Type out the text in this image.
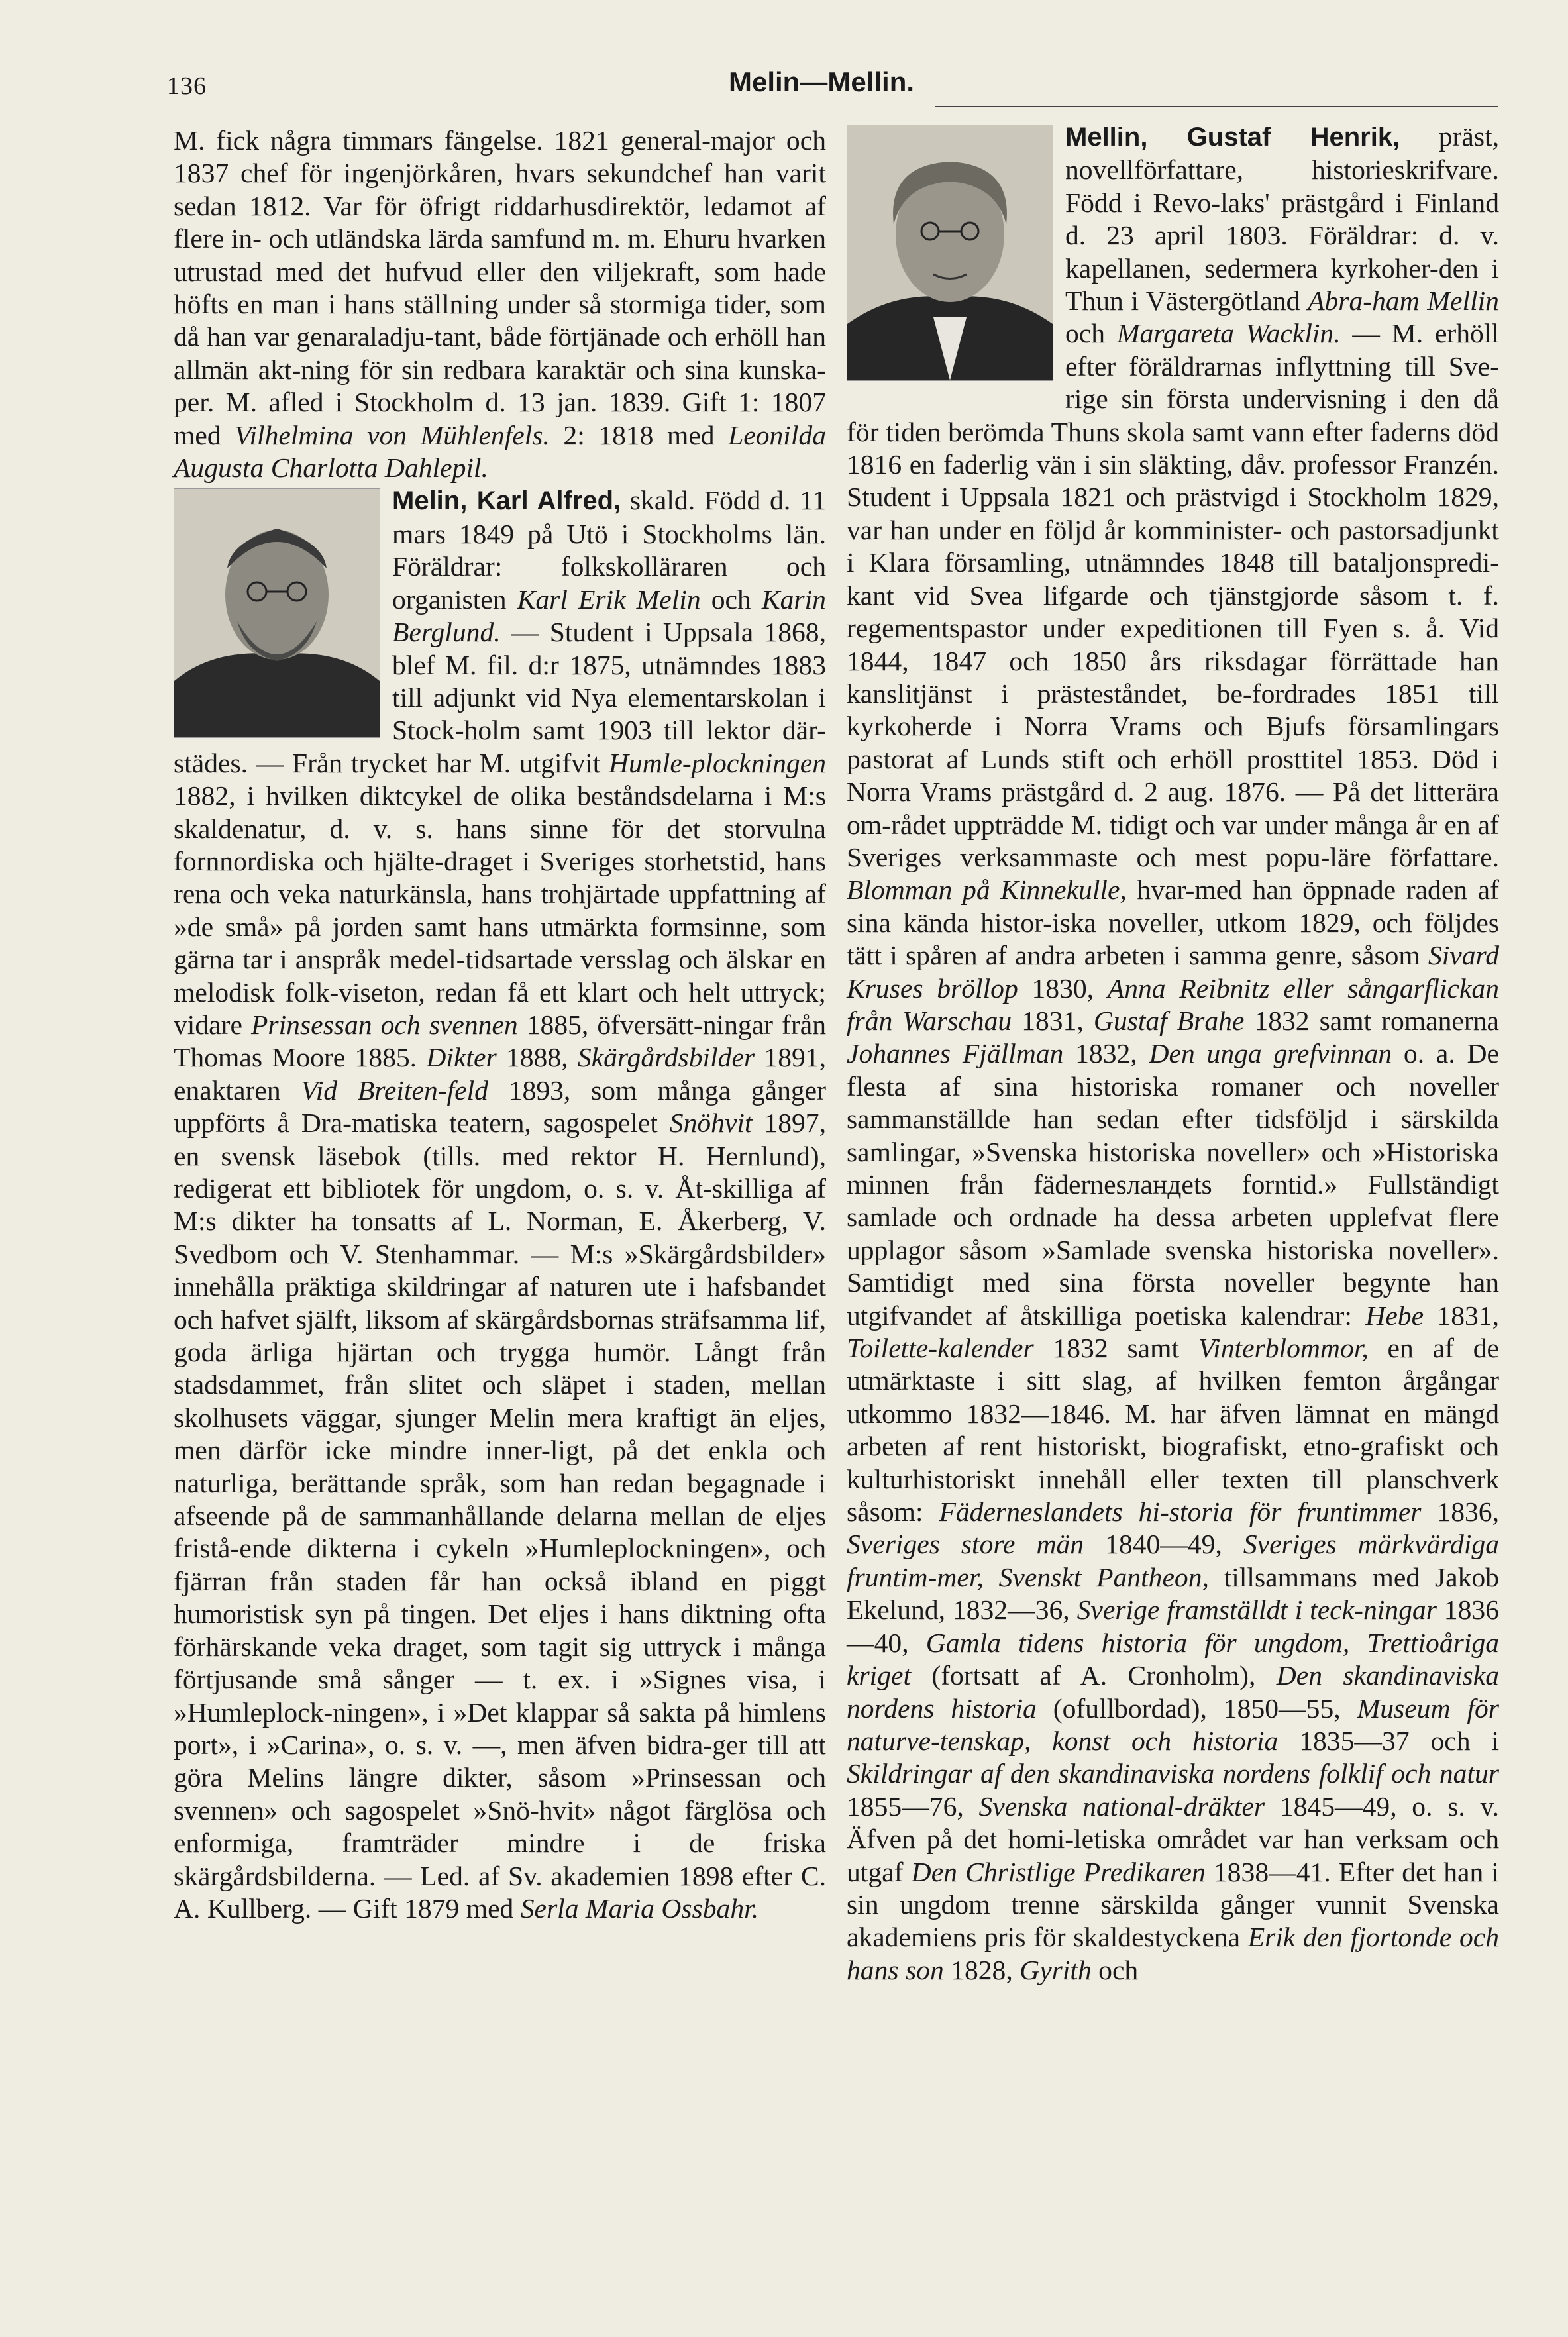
136	Melin—Mellin.

M. fick några timmars fängelse. 1821 general-major och 1837 chef för ingenjörkåren, hvars sekundchef han varit sedan 1812. Var för öfrigt riddarhusdirektör, ledamot af flere in- och utländska lärda samfund m. m. Ehuru hvarken utrustad med det hufvud eller den viljekraft, som hade höfts en man i hans ställning under så stormiga tider, som då han var genaraladju-tant, både förtjänade och erhöll han allmän akt-ning för sin redbara karaktär och sina kunska-per. M. afled i Stockholm d. 13 jan. 1839. Gift 1: 1807 med Vilhelmina von Mühlenfels. 2: 1818 med Leonilda Augusta Charlotta Dahlepil.

Melin, Karl Alfred,
skald. Född d. 11 mars 1849 på Utö i Stockholms län. Föräldrar: folkskolläraren och organisten Karl Erik Melin och Karin Berglund. — Student i Uppsala 1868, blef M. fil. d:r 1875, utnämndes 1883 till adjunkt vid Nya elementarskolan i Stock-holm samt 1903 till lektor där-städes. — Från trycket har M. utgifvit Humle-plockningen 1882, i hvilken diktcykel de olika beståndsdelarna i M:s skaldenatur, d. v. s. hans sinne för det storvulna fornnordiska och hjälte-draget i Sveriges storhetstid, hans rena och veka naturkänsla, hans trohjärtade uppfattning af »de små» på jorden samt hans utmärkta formsinne, som gärna tar i anspråk medel-tidsartade versslag och älskar en melodisk folk-viseton, redan få ett klart och helt uttryck; vidare Prinsessan och svennen 1885, öfversätt-ningar från Thomas Moore 1885. Dikter 1888, Skärgårdsbilder 1891, enaktaren Vid Breiten-feld 1893, som många gånger uppförts å Dra-matiska teatern, sagospelet Snöhvit 1897, en svensk läsebok (tills. med rektor H. Hernlund), redigerat ett bibliotek för ungdom, o. s. v. Åt-skilliga af M:s dikter ha tonsatts af L. Norman, E. Åkerberg, V. Svedbom och V. Stenhammar. — M:s »Skärgårdsbilder» innehålla präktiga skildringar af naturen ute i hafsbandet och hafvet själft, liksom af skärgårdsbornas sträfsamma lif, goda ärliga hjärtan och trygga humör. Långt från stadsdammet, från slitet och släpet i staden, mellan skolhusets väggar, sjunger Melin mera kraftigt än eljes, men därför icke mindre inner-ligt, på det enkla och naturliga, berättande språk, som han redan begagnade i afseende på de sammanhållande delarna mellan de eljes fristå-ende dikterna i cykeln »Humleplockningen», och fjärran från staden får han också ibland en piggt humoristisk syn på tingen. Det eljes i hans diktning ofta förhärskande veka draget, som tagit sig uttryck i många förtjusande små sånger — t. ex. i »Signes visa, i »Humleplock-ningen», i »Det klappar så sakta på himlens port», i »Carina», o. s. v. —, men äfven bidra-ger till att göra Melins längre dikter, såsom »Prinsessan och svennen» och sagospelet »Snö-hvit» något färglösa och enformiga, framträder mindre i de friska skärgårdsbilderna. — Led. af Sv. akademien 1898 efter C. A. Kullberg. — Gift 1879 med Serla Maria Ossbahr.

Mellin, Gustaf Henrik,
präst, novellförfattare, historieskrifvare. Född i Revo-laks' prästgård i Finland d. 23 april 1803. Föräldrar: d. v. kapellanen, sedermera kyrkoher-den i Thun i Västergötland Abra-ham Mellin och Margareta Wacklin. — M. erhöll efter föräldrarnas inflyttning till Sve-rige sin första undervisning i den då för tiden berömda Thuns skola samt vann efter faderns död 1816 en faderlig vän i sin släkting, dåv. professor Franzén. Student i Uppsala 1821 och prästvigd i Stockholm 1829, var han under en följd år komminister- och pastorsadjunkt i Klara församling, utnämndes 1848 till bataljonspredi-kant vid Svea lifgarde och tjänstgjorde såsom t. f. regementspastor under expeditionen till Fyen s. å. Vid 1844, 1847 och 1850 års riksdagar förrättade han kanslitjänst i prästeståndet, be-fordrades 1851 till kyrkoherde i Norra Vrams och Bjufs församlingars pastorat af Lunds stift och erhöll prosttitel 1853. Död i Norra Vrams prästgård d. 2 aug. 1876. — På det litterära om-rådet uppträdde M. tidigt och var under många år en af Sveriges verksammaste och mest popu-läre författare. Blomman på Kinnekulle, hvar-med han öppnade raden af sina kända histor-iska noveller, utkom 1829, och följdes tätt i spåren af andra arbeten i samma genre, såsom Sivard Kruses bröllop 1830, Anna Reibnitz eller sångarflickan från Warschau 1831, Gustaf Brahe 1832 samt romanerna Johannes Fjällman 1832, Den unga grefvinnan o. a. De flesta af sina historiska romaner och noveller sammanställde han sedan efter tidsföljd i särskilda samlingar, »Svenska historiska noveller» och »Historiska minnen från fädernesландets forntid.» Fullständigt samlade och ordnade ha dessa arbeten upplefvat flere upplagor såsom »Samlade svenska historiska noveller». Samtidigt med sina första noveller begynte han utgifvandet af åtskilliga poetiska kalendrar: Hebe 1831, Toilette-kalender 1832 samt Vinterblommor, en af de utmärktaste i sitt slag, af hvilken femton årgångar utkommo 1832—1846. M. har äfven lämnat en mängd arbeten af rent historiskt, biografiskt, etno-grafiskt och kulturhistoriskt innehåll eller texten till planschverk såsom: Fäderneslandets hi-storia för fruntimmer 1836, Sveriges store män 1840—49, Sveriges märkvärdiga fruntim-mer, Svenskt Pantheon, tillsammans med Jakob Ekelund, 1832—36, Sverige framställdt i teck-ningar 1836—40, Gamla tidens historia för ungdom, Trettioåriga kriget (fortsatt af A. Cronholm), Den skandinaviska nordens historia (ofullbordad), 1850—55, Museum för naturve-tenskap, konst och historia 1835—37 och i Skildringar af den skandinaviska nordens folklif och natur 1855—76, Svenska national-dräkter 1845—49, o. s. v. Äfven på det homi-letiska området var han verksam och utgaf Den Christlige Predikaren 1838—41. Efter det han i sin ungdom trenne särskilda gånger vunnit Svenska akademiens pris för skaldestyckena Erik den fjortonde och hans son 1828, Gyrith och
